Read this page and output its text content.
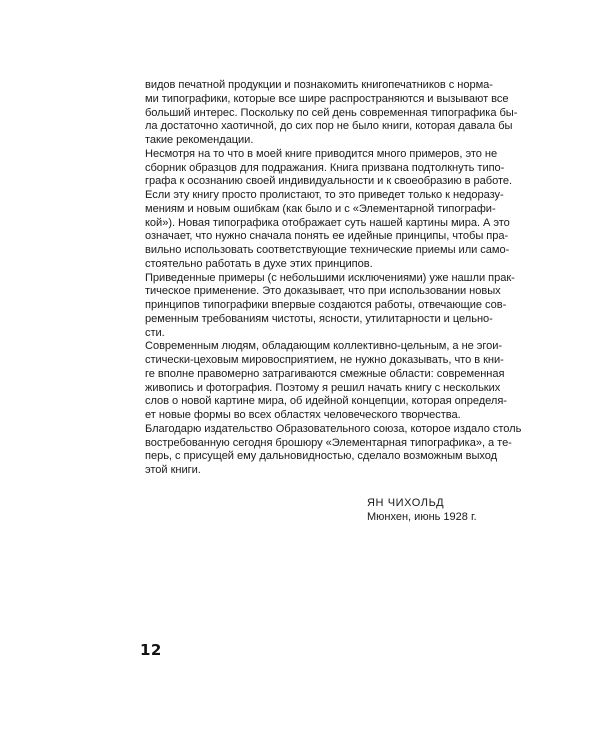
видов печатной продукции и познакомить книгопечатников с норма-
ми типографики, которые все шире распространяются и вызывают все
больший интерес. Поскольку по сей день современная типографика бы-
ла достаточно хаотичной, до сих пор не было книги, которая давала бы
такие рекомендации.
Несмотря на то что в моей книге приводится много примеров, это не
сборник образцов для подражания. Книга призвана подтолкнуть типо-
графа к осознанию своей индивидуальности и к своеобразию в работе.
Если эту книгу просто пролистают, то это приведет только к недоразу-
мениям и новым ошибкам (как было и с «Элементарной типографи-
кой»). Новая типографика отображает суть нашей картины мира. А это
означает, что нужно сначала понять ее идейные принципы, чтобы пра-
вильно использовать соответствующие технические приемы или само-
стоятельно работать в духе этих принципов.
Приведенные примеры (с небольшими исключениями) уже нашли прак-
тическое применение. Это доказывает, что при использовании новых
принципов типографики впервые создаются работы, отвечающие сов-
ременным требованиям чистоты, ясности, утилитарности и цельно-
сти.
Современным людям, обладающим коллективно-цельным, а не эгои-
стически-цеховым мировосприятием, не нужно доказывать, что в кни-
ге вполне правомерно затрагиваются смежные области: современная
живопись и фотография. Поэтому я решил начать книгу с нескольких
слов о новой картине мира, об идейной концепции, которая определя-
ет новые формы во всех областях человеческого творчества.
Благодарю издательство Образовательного союза, которое издало столь
востребованную сегодня брошюру «Элементарная типографика», а те-
перь, с присущей ему дальновидностью, сделало возможным выход
этой книги.
ЯН ЧИХОЛЬД
Мюнхен, июнь 1928 г.
12
